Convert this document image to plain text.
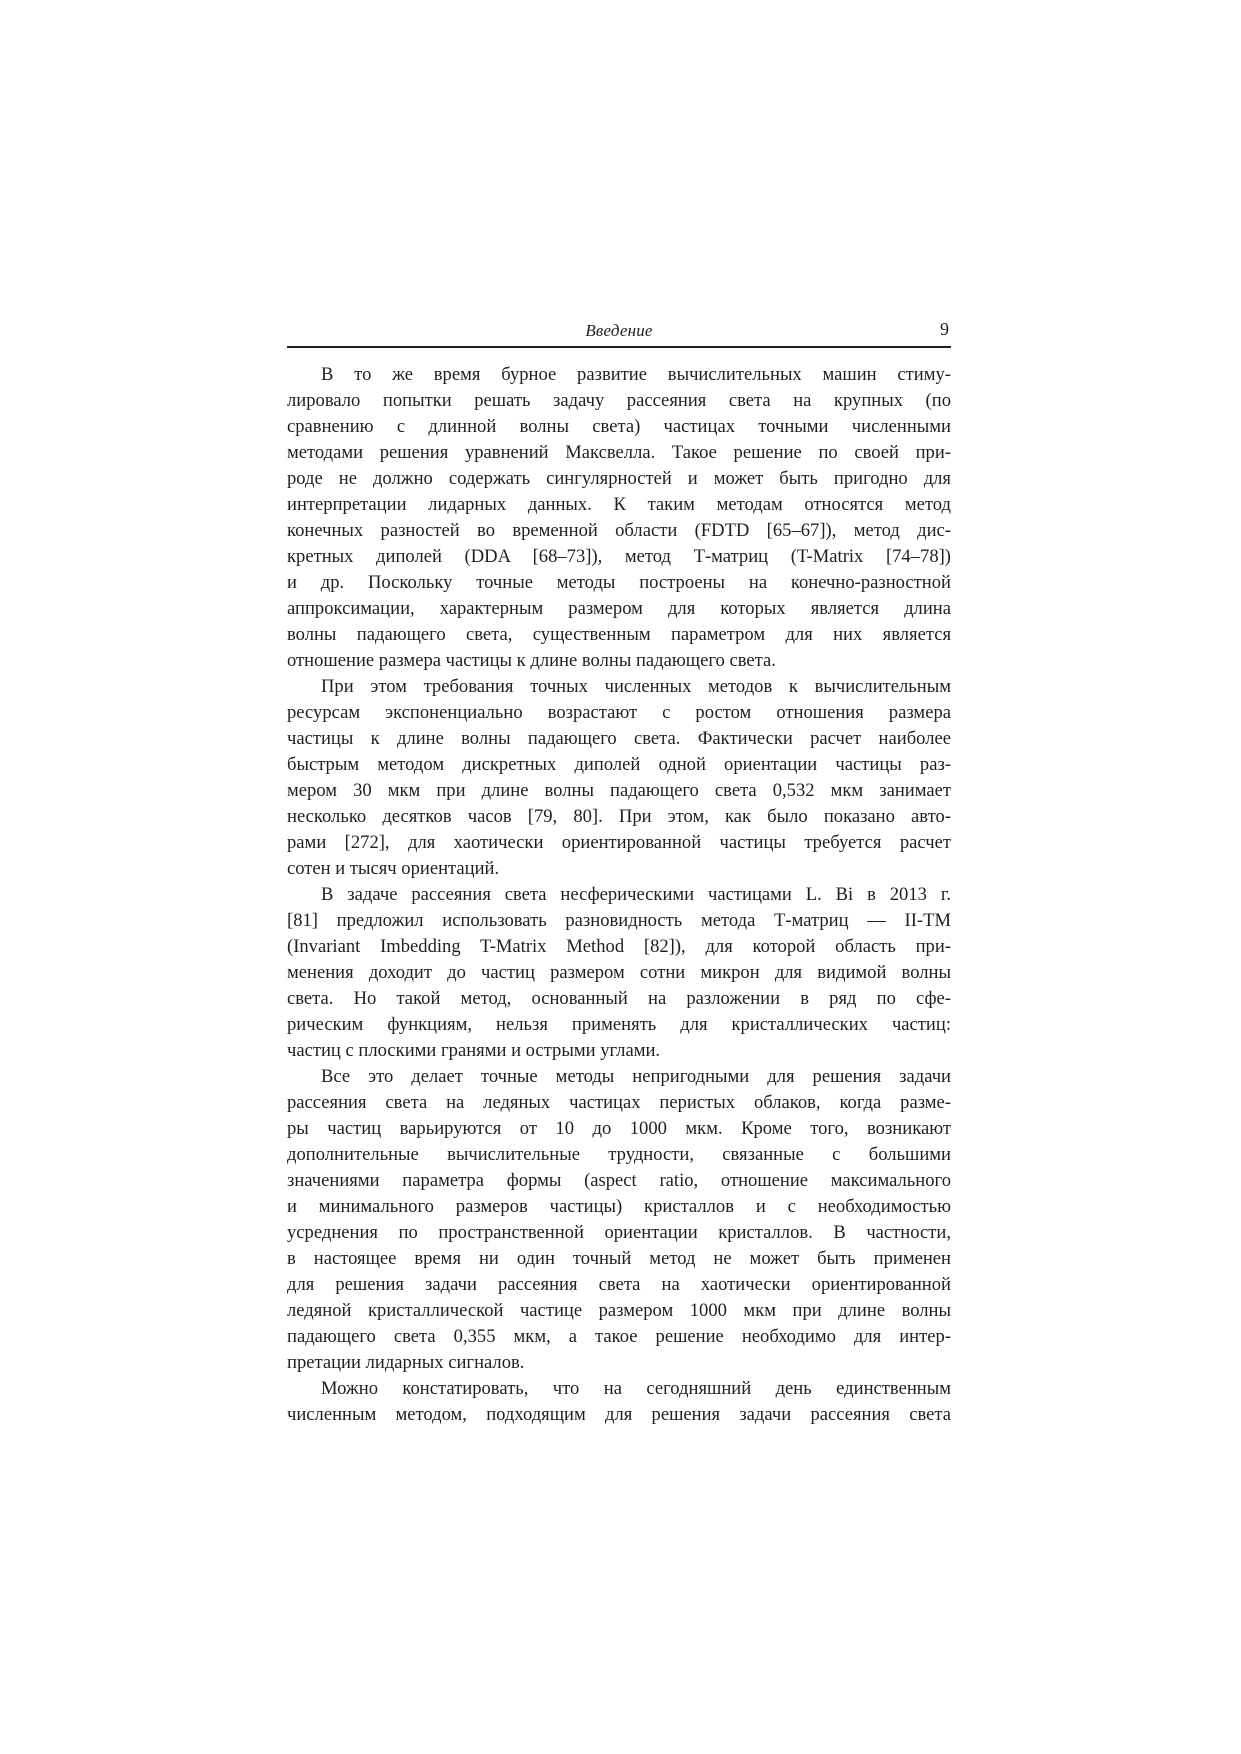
Введение	9
В то же время бурное развитие вычислительных машин стиму-
лировало попытки решать задачу рассеяния света на крупных (по
сравнению с длинной волны света) частицах точными численными
методами решения уравнений Максвелла. Такое решение по своей при-
роде не должно содержать сингулярностей и может быть пригодно для
интерпретации лидарных данных. К таким методам относятся метод
конечных разностей во временной области (FDTD [65–67]), метод дис-
кретных диполей (DDA [68–73]), метод Т-матриц (T-Matrix [74–78])
и др. Поскольку точные методы построены на конечно-разностной
аппроксимации, характерным размером для которых является длина
волны падающего света, существенным параметром для них является
отношение размера частицы к длине волны падающего света.
При этом требования точных численных методов к вычислительным
ресурсам экспоненциально возрастают с ростом отношения размера
частицы к длине волны падающего света. Фактически расчет наиболее
быстрым методом дискретных диполей одной ориентации частицы раз-
мером 30 мкм при длине волны падающего света 0,532 мкм занимает
несколько десятков часов [79, 80]. При этом, как было показано авто-
рами [272], для хаотически ориентированной частицы требуется расчет
сотен и тысяч ориентаций.
В задаче рассеяния света несферическими частицами L. Bi в 2013 г.
[81] предложил использовать разновидность метода Т-матриц — II-TM
(Invariant Imbedding T-Matrix Method [82]), для которой область при-
менения доходит до частиц размером сотни микрон для видимой волны
света. Но такой метод, основанный на разложении в ряд по сфе-
рическим функциям, нельзя применять для кристаллических частиц:
частиц с плоскими гранями и острыми углами.
Все это делает точные методы непригодными для решения задачи
рассеяния света на ледяных частицах перистых облаков, когда разме-
ры частиц варьируются от 10 до 1000 мкм. Кроме того, возникают
дополнительные вычислительные трудности, связанные с большими
значениями параметра формы (aspect ratio, отношение максимального
и минимального размеров частицы) кристаллов и с необходимостью
усреднения по пространственной ориентации кристаллов. В частности,
в настоящее время ни один точный метод не может быть применен
для решения задачи рассеяния света на хаотически ориентированной
ледяной кристаллической частице размером 1000 мкм при длине волны
падающего света 0,355 мкм, а такое решение необходимо для интер-
претации лидарных сигналов.
Можно констатировать, что на сегодняшний день единственным
численным методом, подходящим для решения задачи рассеяния света
